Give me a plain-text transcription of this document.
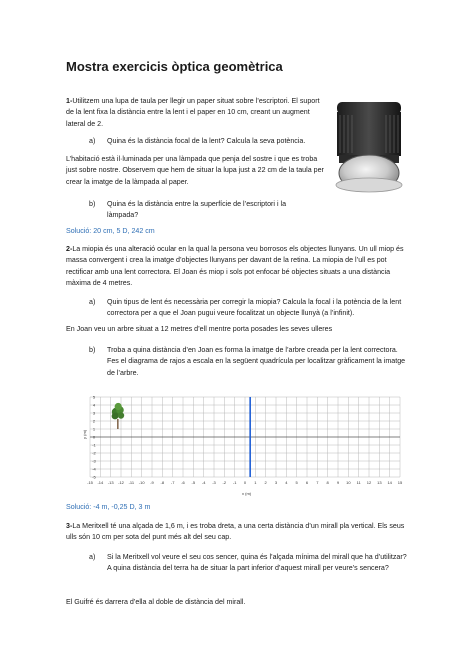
Mostra exercicis òptica geomètrica

1-Utilitzem una lupa de taula per llegir un paper situat sobre l’escriptori. El suport de la lent fixa la distància entre la lent i el paper en 10 cm, creant un augment lateral de 2.

a) Quina és la distància focal de la lent? Calcula la seva potència.

L’habitació està il·luminada per una làmpada que penja del sostre i que es troba just sobre nostre. Observem que hem de situar la lupa just a 22 cm de la taula per crear la imatge de la làmpada al paper.

b) Quina és la distància entre la superfície de l’escriptori i la làmpada?

Solució: 20 cm, 5 D, 242 cm

2-La miopia és una alteració ocular en la qual la persona veu borrosos els objectes llunyans. Un ull miop és massa convergent i crea la imatge d’objectes llunyans per davant de la retina. La miopia de l’ull es pot rectificar amb una lent correctora. El Joan és miop i sols pot enfocar bé objectes situats a una distància màxima de 4 metres.

a) Quin tipus de lent és necessària per corregir la miopia? Calcula la focal i la potència de la lent correctora per a que el Joan pugui veure focalitzat un objecte llunyà (a l’infinit).

En Joan veu un arbre situat a 12 metres d’ell mentre porta posades les seves ulleres

b) Troba a quina distància d’en Joan es forma la imatge de l’arbre creada per la lent correctora. Fes el diagrama de rajos a escala en la següent quadrícula per localitzar gràficament la imatge de l’arbre.

5
4
3
2
1
0
-1
-2
-3
-4
-5
-15 -14 -13 -12 -11 -10 -9 -8 -7 -6 -5 -4 -3 -2 -1 0 1 2 3 4 5 6 7 8 9 10 11 12 13 14 15
y (m)
x (m)

Solució: -4 m, -0,25 D, 3 m

3-La Meritxell té una alçada de 1,6 m, i es troba dreta, a una certa distància d’un mirall pla vertical. Els seus ulls són 10 cm per sota del punt més alt del seu cap.

a) Si la Meritxell vol veure el seu cos sencer, quina és l’alçada mínima del mirall que ha d’utilitzar? A quina distància del terra ha de situar la part inferior d’aquest mirall per veure’s sencera?

El Guifré és darrera d’ella al doble de distància del mirall.
